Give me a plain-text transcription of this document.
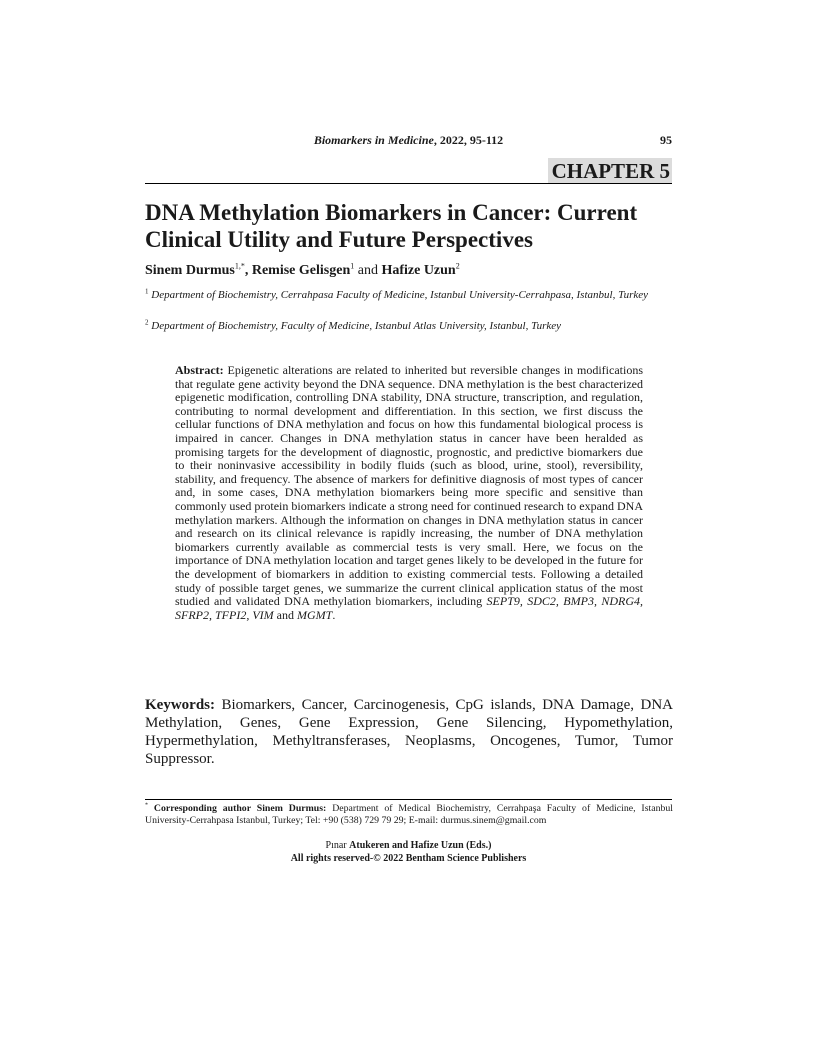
Biomarkers in Medicine, 2022, 95-112	95
CHAPTER 5
DNA Methylation Biomarkers in Cancer: Current Clinical Utility and Future Perspectives
Sinem Durmus$^{1,*}$, Remise Gelisgen$^1$ and Hafize Uzun$^2$
$^1$ Department of Biochemistry, Cerrahpasa Faculty of Medicine, Istanbul University-Cerrahpasa, Istanbul, Turkey
$^2$ Department of Biochemistry, Faculty of Medicine, Istanbul Atlas University, Istanbul, Turkey
Abstract: Epigenetic alterations are related to inherited but reversible changes in modifications that regulate gene activity beyond the DNA sequence. DNA methylation is the best characterized epigenetic modification, controlling DNA stability, DNA structure, transcription, and regulation, contributing to normal development and differentiation. In this section, we first discuss the cellular functions of DNA methylation and focus on how this fundamental biological process is impaired in cancer. Changes in DNA methylation status in cancer have been heralded as promising targets for the development of diagnostic, prognostic, and predictive biomarkers due to their noninvasive accessibility in bodily fluids (such as blood, urine, stool), reversibility, stability, and frequency. The absence of markers for definitive diagnosis of most types of cancer and, in some cases, DNA methylation biomarkers being more specific and sensitive than commonly used protein biomarkers indicate a strong need for continued research to expand DNA methylation markers. Although the information on changes in DNA methylation status in cancer and research on its clinical relevance is rapidly increasing, the number of DNA methylation biomarkers currently available as commercial tests is very small. Here, we focus on the importance of DNA methylation location and target genes likely to be developed in the future for the development of biomarkers in addition to existing commercial tests. Following a detailed study of possible target genes, we summarize the current clinical application status of the most studied and validated DNA methylation biomarkers, including SEPT9, SDC2, BMP3, NDRG4, SFRP2, TFPI2, VIM and MGMT.
Keywords: Biomarkers, Cancer, Carcinogenesis, CpG islands, DNA Damage, DNA Methylation, Genes, Gene Expression, Gene Silencing, Hypomethylation, Hypermethylation, Methyltransferases, Neoplasms, Oncogenes, Tumor, Tumor Suppressor.
* Corresponding author Sinem Durmus: Department of Medical Biochemistry, Cerrahpaşa Faculty of Medicine, Istanbul University-Cerrahpasa Istanbul, Turkey; Tel: +90 (538) 729 79 29; E-mail: durmus.sinem@gmail.com
Pınar Atukeren and Hafize Uzun (Eds.)
All rights reserved-© 2022 Bentham Science Publishers
